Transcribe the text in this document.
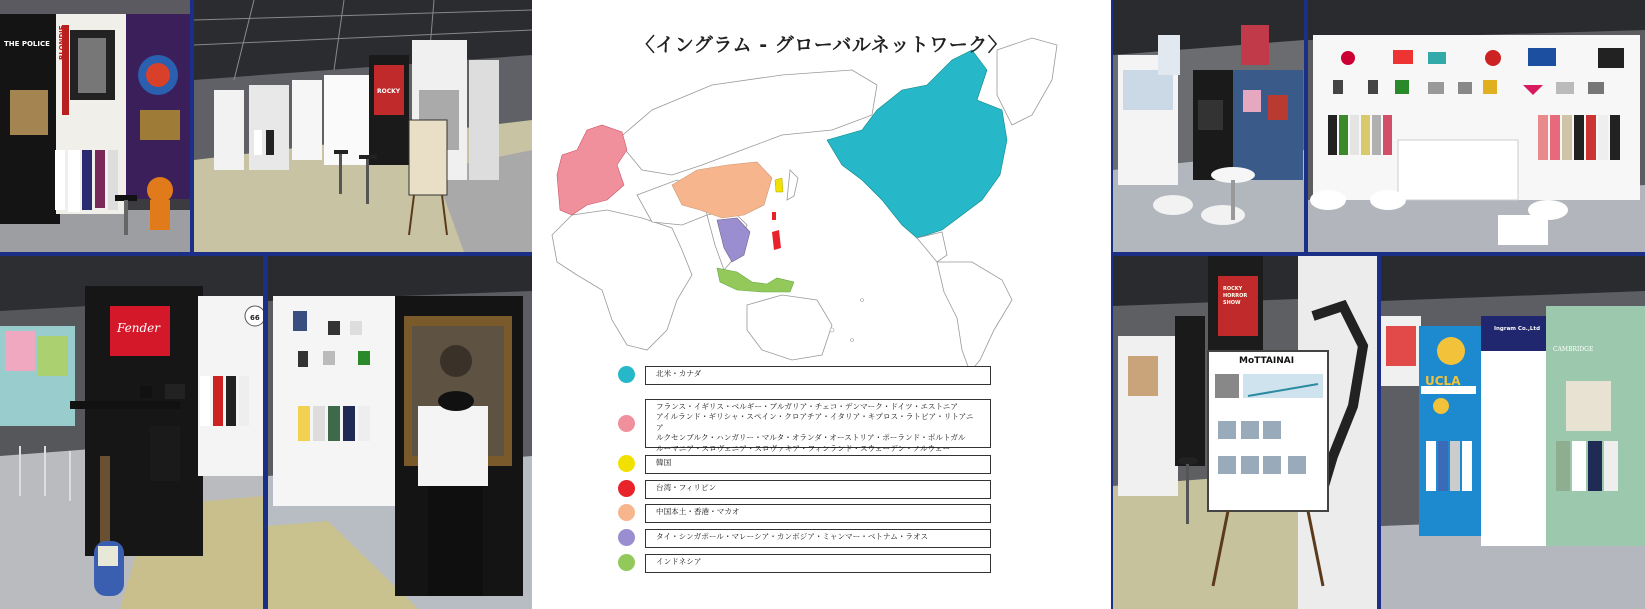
THE POLICE	BLONDIE
ROCKY
Fender
66
〈イングラム - グローバルネットワーク〉
北米・カナダ
フランス・イギリス・ベルギー・ブルガリア・チェコ・デンマーク・ドイツ・エストニア
アイルランド・ギリシャ・スペイン・クロアチア・イタリア・キプロス・ラトビア・リトアニア
ルクセンブルク・ハンガリー・マルタ・オランダ・オーストリア・ポーランド・ポルトガル
ルーマニア・スロヴェニア・スロヴァキア・フィンランド・スウェーデン・ノルウェー
韓国
台湾・フィリピン
中国本土・香港・マカオ
タイ・シンガポール・マレーシア・カンボジア・ミャンマー・ベトナム・ラオス
インドネシア
MoTTAINAI
ROCKY
HORROR
SHOW
UCLA
Ingram Co.,Ltd
CAMBRIDGE
